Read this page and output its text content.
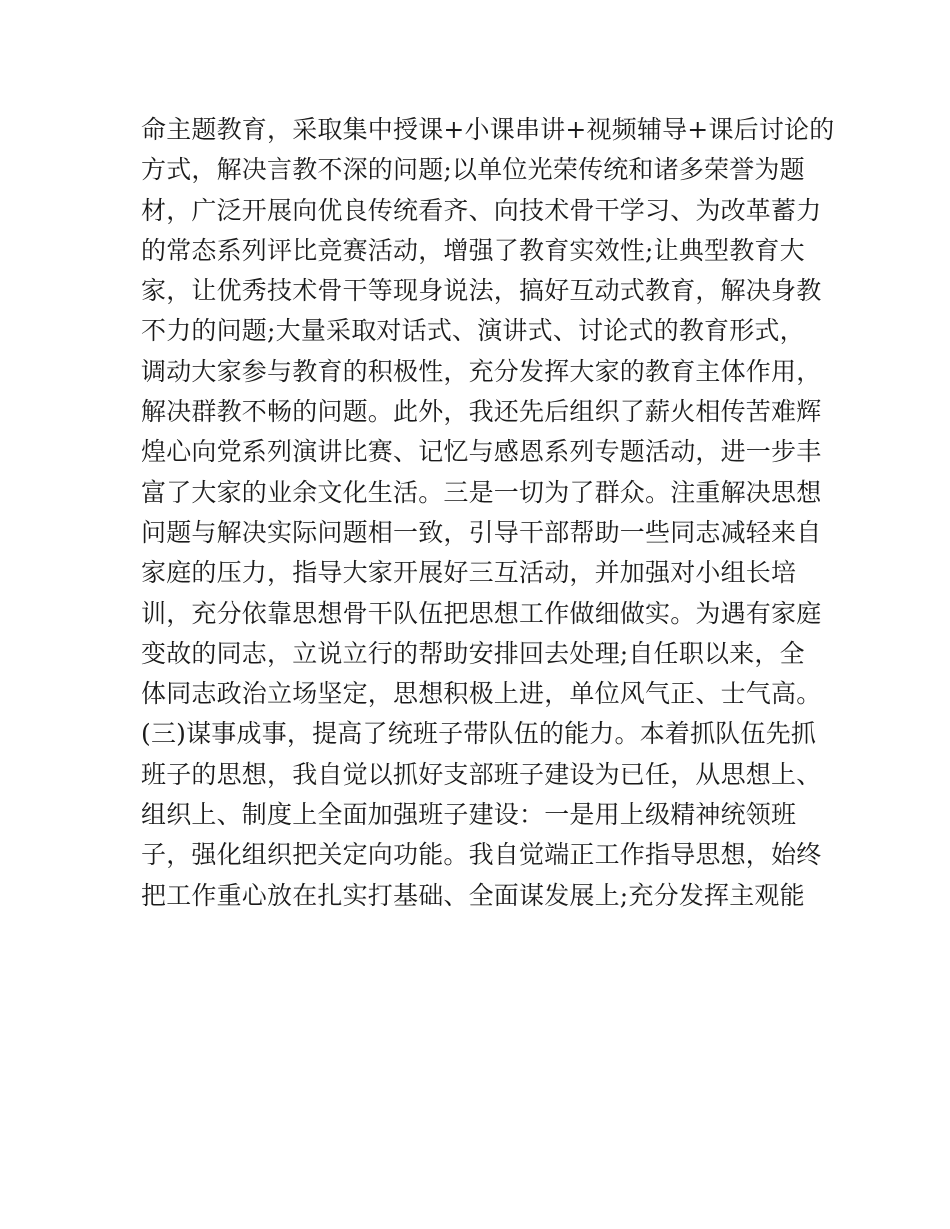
命主题教育，采取集中授课+小课串讲+视频辅导+课后讨论的
方式，解决言教不深的问题;以单位光荣传统和诸多荣誉为题
材，广泛开展向优良传统看齐、向技术骨干学习、为改革蓄力
的常态系列评比竞赛活动，增强了教育实效性;让典型教育大
家，让优秀技术骨干等现身说法，搞好互动式教育，解决身教
不力的问题;大量采取对话式、演讲式、讨论式的教育形式，
调动大家参与教育的积极性，充分发挥大家的教育主体作用，
解决群教不畅的问题。此外，我还先后组织了薪火相传苦难辉
煌心向党系列演讲比赛、记忆与感恩系列专题活动，进一步丰
富了大家的业余文化生活。三是一切为了群众。注重解决思想
问题与解决实际问题相一致，引导干部帮助一些同志减轻来自
家庭的压力，指导大家开展好三互活动，并加强对小组长培
训，充分依靠思想骨干队伍把思想工作做细做实。为遇有家庭
变故的同志，立说立行的帮助安排回去处理;自任职以来，全
体同志政治立场坚定，思想积极上进，单位风气正、士气高。
(三)谋事成事，提高了统班子带队伍的能力。本着抓队伍先抓
班子的思想，我自觉以抓好支部班子建设为已任，从思想上、
组织上、制度上全面加强班子建设：一是用上级精神统领班
子，强化组织把关定向功能。我自觉端正工作指导思想，始终
把工作重心放在扎实打基础、全面谋发展上;充分发挥主观能
